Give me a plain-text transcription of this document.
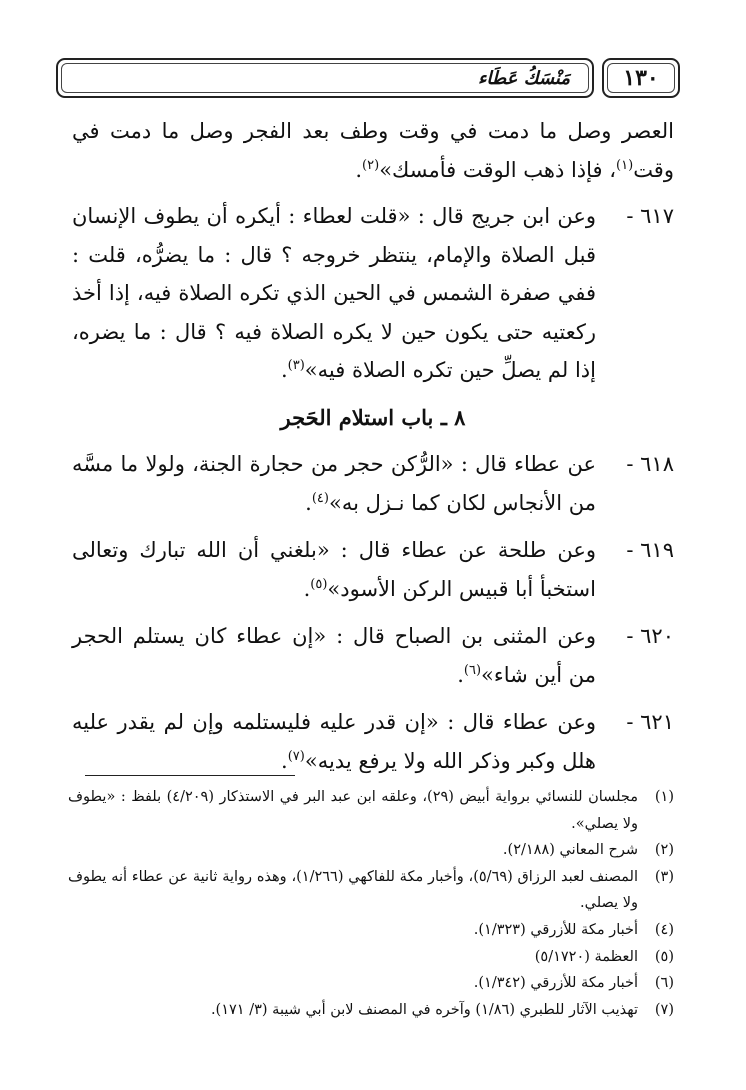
١٣٠
مَنْسَكُ عَطَاء

العصر وصل ما دمت في وقت وطف بعد الفجر وصل ما دمت في وقت$^{(١)}$، فإذا ذهب الوقت فأمسك»$^{(٢)}$.

٦١٧ -
وعن ابن جريج قال : «قلت لعطاء : أيكره أن يطوف الإنسان قبل الصلاة والإمام، ينتظر خروجه ؟ قال : ما يضرُّه، قلت : ففي صفرة الشمس في الحين الذي تكره الصلاة فيه، إذا أخذ ركعتيه حتى يكون حين لا يكره الصلاة فيه ؟ قال : ما يضره، إذا لم يصلِّ حين تكره الصلاة فيه»$^{(٣)}$.
٨ ـ باب استلام الحَجر
٦١٨ -
عن عطاء قال : «الرُّكن حجر من حجارة الجنة، ولولا ما مسَّه من الأنجاس لكان كما نـزل به»$^{(٤)}$.
٦١٩ -
وعن طلحة عن عطاء قال : «بلغني أن الله تبارك وتعالى استخبأ أبا قبيس الركن الأسود»$^{(٥)}$.
٦٢٠ -
وعن المثنى بن الصباح قال : «إن عطاء كان يستلم الحجر من أين شاء»$^{(٦)}$.
٦٢١ -
وعن عطاء قال : «إن قدر عليه فليستلمه وإن لم يقدر عليه هلل وكبر وذكر الله ولا يرفع يديه»$^{(٧)}$.
(١)
مجلسان للنسائي برواية أبيض (٢٩)، وعلقه ابن عبد البر في الاستذكار (٤/٢٠٩) بلفظ : «يطوف ولا يصلي».
(٢)
شرح المعاني (٢/١٨٨).
(٣)
المصنف لعبد الرزاق (٥/٦٩)، وأخبار مكة للفاكهي (١/٢٦٦)، وهذه رواية ثانية عن عطاء أنه يطوف ولا يصلي.
(٤)
أخبار مكة للأزرقي (١/٣٢٣).
(٥)
العظمة (٥/١٧٢٠)
(٦)
أخبار مكة للأزرقي (١/٣٤٢).
(٧)
تهذيب الآثار للطبري (١/٨٦) وآخره في المصنف لابن أبي شيبة (٣/ ١٧١).
